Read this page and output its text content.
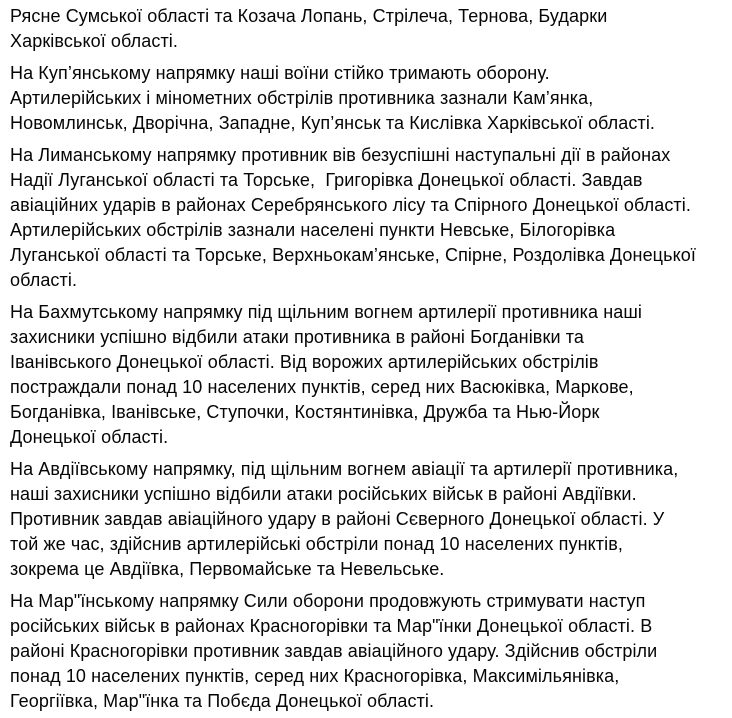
Рясне Сумської області та Козача Лопань, Стрілеча, Тернова, Бударки
Харківської області.

На Куп’янському напрямку наші воїни стійко тримають оборону.
Артилерійських і мінометних обстрілів противника зазнали Кам’янка,
Новомлинськ, Дворічна, Западне, Куп’янськ та Кислівка Харківської області.

На Лиманському напрямку противник вів безуспішні наступальні дії в районах
Надії Луганської області та Торське,  Григорівка Донецької області. Завдав
авіаційних ударів в районах Серебрянського лісу та Спірного Донецької області.
Артилерійських обстрілів зазнали населені пункти Невське, Білогорівка
Луганської області та Торське, Верхньокам’янське, Спірне, Роздолівка Донецької
області.

На Бахмутському напрямку під щільним вогнем артилерії противника наші
захисники успішно відбили атаки противника в районі Богданівки та
Іванівського Донецької області. Від ворожих артилерійських обстрілів
постраждали понад 10 населених пунктів, серед них Васюківка, Маркове,
Богданівка, Іванівське, Ступочки, Костянтинівка, Дружба та Нью-Йорк
Донецької області.

На Авдіївському напрямку, під щільним вогнем авіації та артилерії противника,
наші захисники успішно відбили атаки російських військ в районі Авдіївки.
Противник завдав авіаційного удару в районі Сєверного Донецької області. У
той же час, здійснив артилерійські обстріли понад 10 населених пунктів,
зокрема це Авдіївка, Первомайське та Невельське.

На Мар"їнському напрямку Сили оборони продовжують стримувати наступ
російських військ в районах Красногорівки та Мар"їнки Донецької області. В
районі Красногорівки противник завдав авіаційного удару. Здійснив обстріли
понад 10 населених пунктів, серед них Красногорівка, Максимільянівка,
Георгіївка, Мар"їнка та Побєда Донецької області.
